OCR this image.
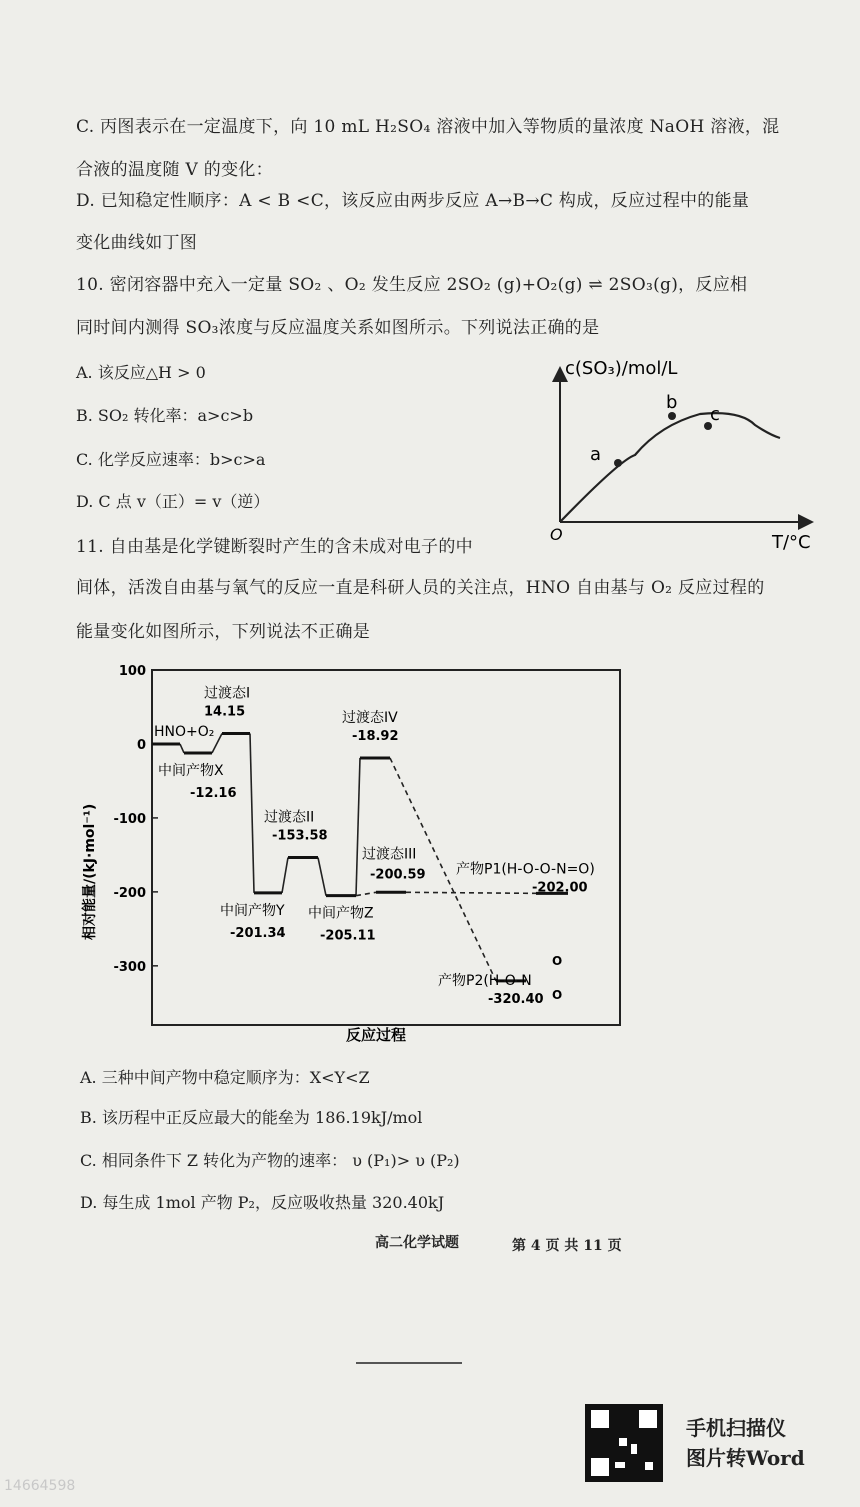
C. 丙图表示在一定温度下，向 10 mL H₂SO₄ 溶液中加入等物质的量浓度 NaOH 溶液，混
合液的温度随 V 的变化：
D. 已知稳定性顺序：A < B <C，该反应由两步反应 A→B→C 构成，反应过程中的能量
变化曲线如丁图
10. 密闭容器中充入一定量 SO₂ 、O₂ 发生反应 2SO₂ (g)+O₂(g) ⇌ 2SO₃(g)，反应相
同时间内测得 SO₃浓度与反应温度关系如图所示。下列说法正确的是
A. 该反应△H > 0
B. SO₂ 转化率：a>c>b
C. 化学反应速率：b>c>a
D. C 点 v（正）= v（逆）
a
b
c
c(SO₃)/mol/L
T/°C
O
11. 自由基是化学键断裂时产生的含未成对电子的中
间体，活泼自由基与氧气的反应一直是科研人员的关注点，HNO 自由基与 O₂ 反应过程的
能量变化如图所示，下列说法不正确是
100
0
-100
-200
-300
HNO+O₂
中间产物X
-12.16
过渡态I
14.15
中间产物Y
-201.34
过渡态II
-153.58
中间产物Z
-205.11
过渡态IV
-18.92
过渡态III
-200.59 产物P1(H-O-O-N=O)
-202.00
产物P2(H-O-N
-320.40
O
O
相对能量/(kJ·mol⁻¹)
反应过程
A. 三种中间产物中稳定顺序为：X<Y<Z
B. 该历程中正反应最大的能垒为 186.19kJ/mol
C. 相同条件下 Z 转化为产物的速率： υ (P₁)> υ (P₂)
D. 每生成 1mol 产物 P₂，反应吸收热量 320.40kJ
高二化学试题	第 4 页 共 11 页
手机扫描仪
图片转Word
14664598
